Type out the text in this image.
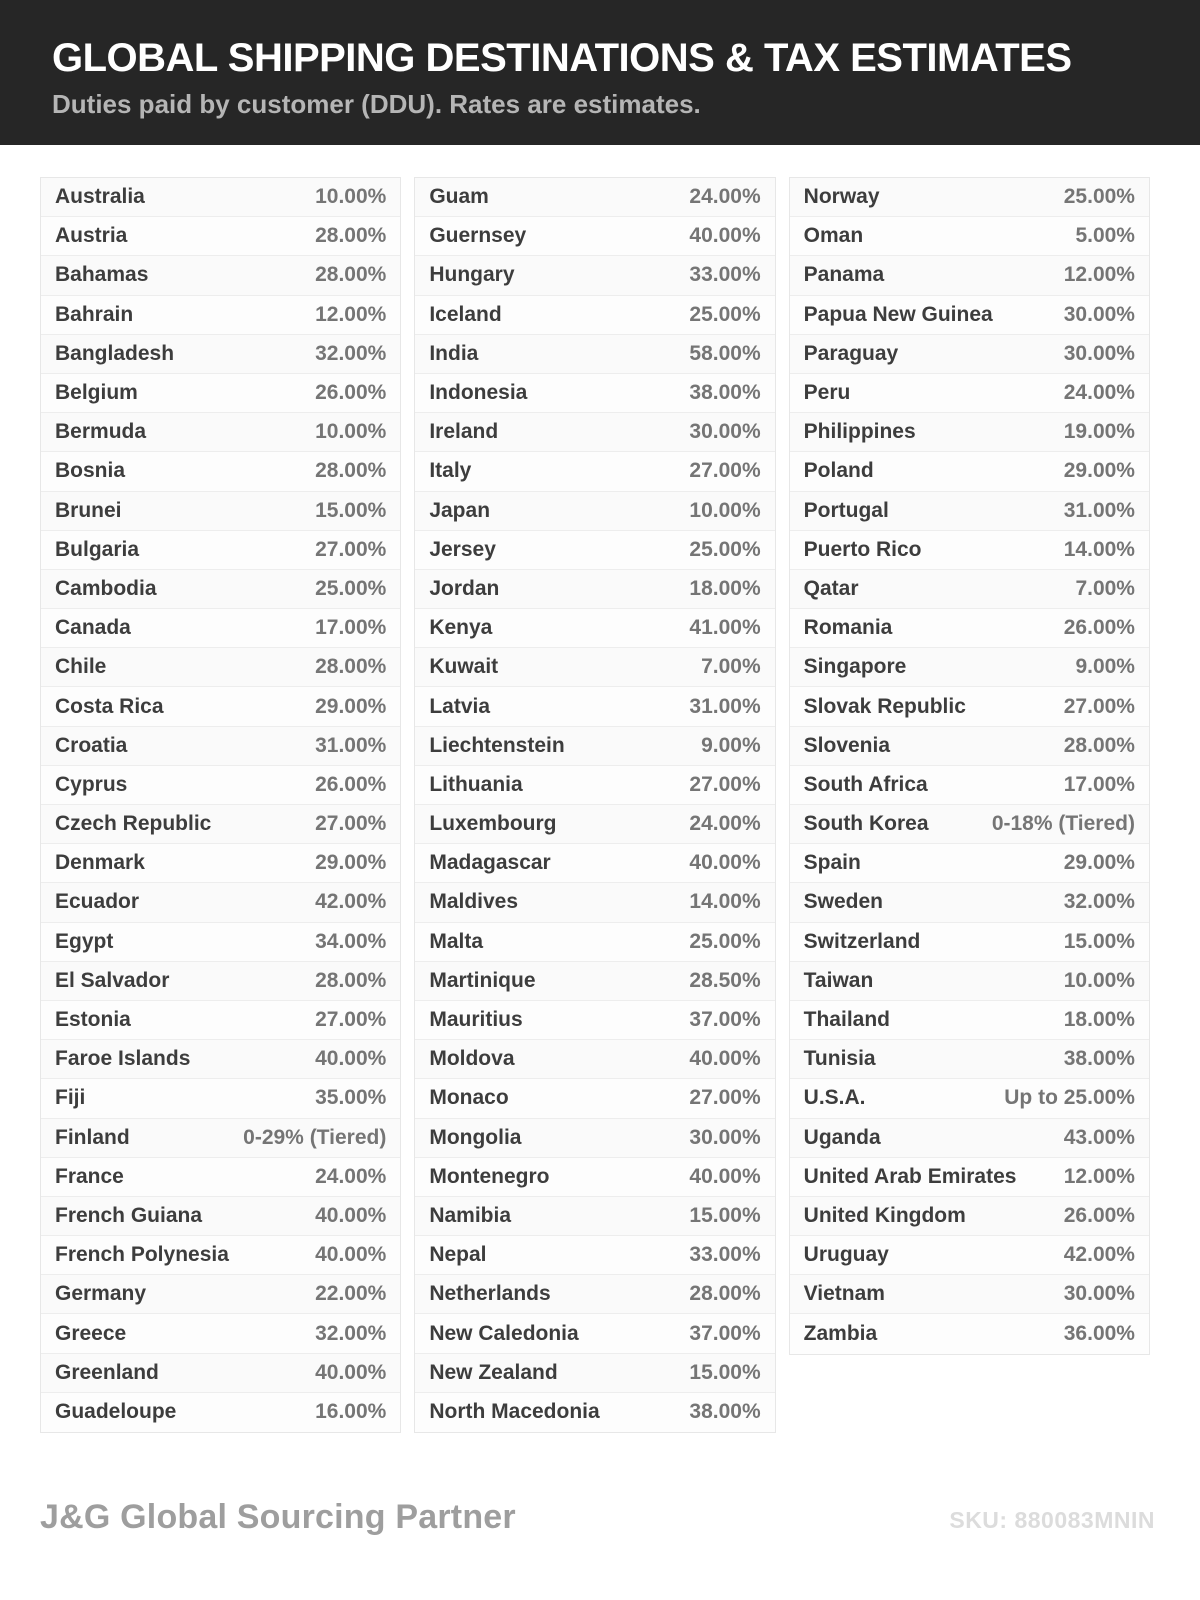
GLOBAL SHIPPING DESTINATIONS & TAX ESTIMATES
Duties paid by customer (DDU). Rates are estimates.
Australia	10.00%
Austria	28.00%
Bahamas	28.00%
Bahrain	12.00%
Bangladesh	32.00%
Belgium	26.00%
Bermuda	10.00%
Bosnia	28.00%
Brunei	15.00%
Bulgaria	27.00%
Cambodia	25.00%
Canada	17.00%
Chile	28.00%
Costa Rica	29.00%
Croatia	31.00%
Cyprus	26.00%
Czech Republic	27.00%
Denmark	29.00%
Ecuador	42.00%
Egypt	34.00%
El Salvador	28.00%
Estonia	27.00%
Faroe Islands	40.00%
Fiji	35.00%
Finland	0-29% (Tiered)
France	24.00%
French Guiana	40.00%
French Polynesia	40.00%
Germany	22.00%
Greece	32.00%
Greenland	40.00%
Guadeloupe	16.00%
Guam	24.00%
Guernsey	40.00%
Hungary	33.00%
Iceland	25.00%
India	58.00%
Indonesia	38.00%
Ireland	30.00%
Italy	27.00%
Japan	10.00%
Jersey	25.00%
Jordan	18.00%
Kenya	41.00%
Kuwait	7.00%
Latvia	31.00%
Liechtenstein	9.00%
Lithuania	27.00%
Luxembourg	24.00%
Madagascar	40.00%
Maldives	14.00%
Malta	25.00%
Martinique	28.50%
Mauritius	37.00%
Moldova	40.00%
Monaco	27.00%
Mongolia	30.00%
Montenegro	40.00%
Namibia	15.00%
Nepal	33.00%
Netherlands	28.00%
New Caledonia	37.00%
New Zealand	15.00%
North Macedonia	38.00%
Norway	25.00%
Oman	5.00%
Panama	12.00%
Papua New Guinea	30.00%
Paraguay	30.00%
Peru	24.00%
Philippines	19.00%
Poland	29.00%
Portugal	31.00%
Puerto Rico	14.00%
Qatar	7.00%
Romania	26.00%
Singapore	9.00%
Slovak Republic	27.00%
Slovenia	28.00%
South Africa	17.00%
South Korea	0-18% (Tiered)
Spain	29.00%
Sweden	32.00%
Switzerland	15.00%
Taiwan	10.00%
Thailand	18.00%
Tunisia	38.00%
U.S.A.	Up to 25.00%
Uganda	43.00%
United Arab Emirates 12.00%
United Kingdom	26.00%
Uruguay	42.00%
Vietnam	30.00%
Zambia	36.00%
J&G Global Sourcing Partner	SKU: 880083MNIN
